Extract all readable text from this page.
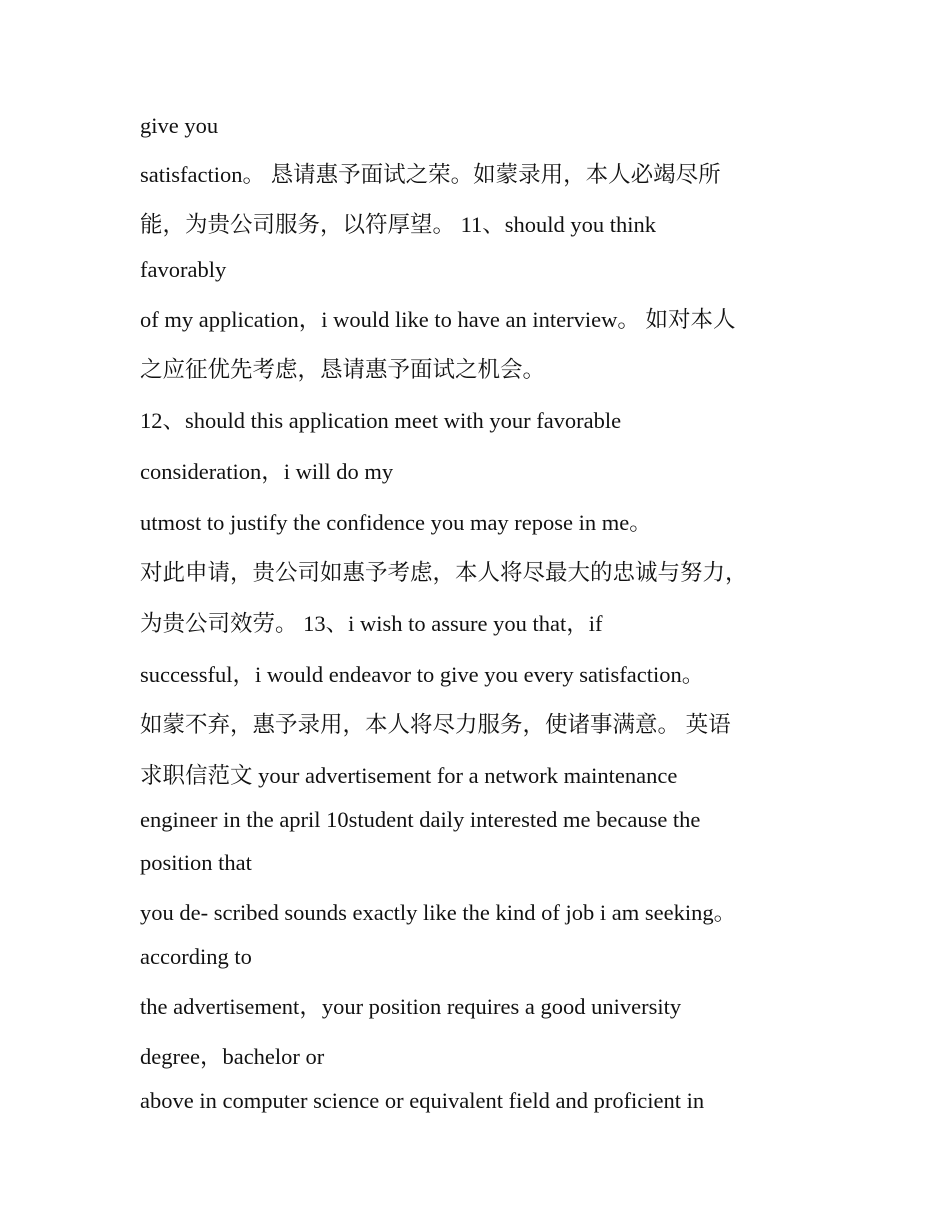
give you

satisfaction。 恳请惠予面试之荣。如蒙录用，本人必竭尽所

能，为贵公司服务，以符厚望。 11、should you think

favorably

of my application，i would like to have an interview。 如对本人

之应征优先考虑，恳请惠予面试之机会。

12、should this application meet with your favorable

consideration，i will do my

utmost to justify the confidence you may repose in me。

对此申请，贵公司如惠予考虑，本人将尽最大的忠诚与努力，

为贵公司效劳。 13、i wish to assure you that，if

successful，i would endeavor to give you every satisfaction。

如蒙不弃，惠予录用，本人将尽力服务，使诸事满意。 英语

求职信范文 your advertisement for a network maintenance

engineer in the april 10student daily interested me because the

position that

you de- scribed sounds exactly like the kind of job i am seeking。

according to

the advertisement，your position requires a good university

degree，bachelor or

above in computer science or equivalent field and proficient in
